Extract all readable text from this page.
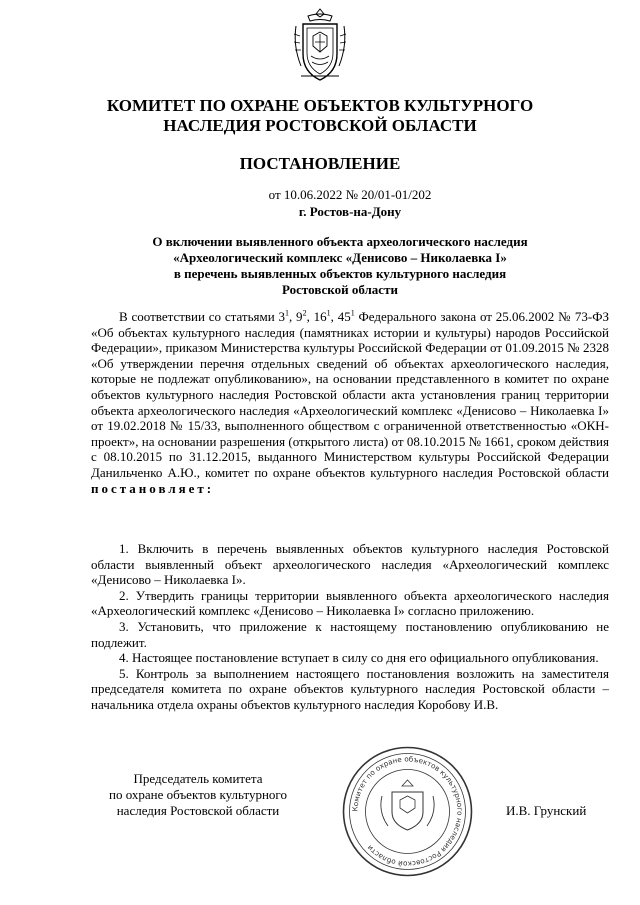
КОМИТЕТ ПО ОХРАНЕ ОБЪЕКТОВ КУЛЬТУРНОГО
НАСЛЕДИЯ РОСТОВСКОЙ ОБЛАСТИ
ПОСТАНОВЛЕНИЕ
от 10.06.2022 № 20/01-01/202
г. Ростов-на-Дону
О включении выявленного объекта археологического наследия
«Археологический комплекс «Денисово – Николаевка I»
в перечень выявленных объектов культурного наследия
Ростовской области
В соответствии со статьями $3^1$, $9^2$, $16^1$, $45^1$ Федерального закона от 25.06.2002 № 73-ФЗ «Об объектах культурного наследия (памятниках истории и культуры) народов Российской Федерации», приказом Министерства культуры Российской Федерации от 01.09.2015 № 2328 «Об утверждении перечня отдельных сведений об объектах археологического наследия, которые не подлежат опубликованию», на основании представленного в комитет по охране объектов культурного наследия Ростовской области акта установления границ территории объекта археологического наследия «Археологический комплекс «Денисово – Николаевка I» от 19.02.2018 № 15/33, выполненного обществом с ограниченной ответственностью «ОКН-проект», на основании разрешения (открытого листа) от 08.10.2015 № 1661, сроком действия с 08.10.2015 по 31.12.2015, выданного Министерством культуры Российской Федерации Данильченко А.Ю., комитет по охране объектов культурного наследия Ростовской области постановляет:

1. Включить в перечень выявленных объектов культурного наследия Ростовской области выявленный объект археологического наследия «Археологический комплекс «Денисово – Николаевка I».

2. Утвердить границы территории выявленного объекта археологического наследия «Археологический комплекс «Денисово – Николаевка I» согласно приложению.

3. Установить, что приложение к настоящему постановлению опубликованию не подлежит.

4. Настоящее постановление вступает в силу со дня его официального опубликования.

5. Контроль за выполнением настоящего постановления возложить на заместителя председателя комитета по охране объектов культурного наследия Ростовской области – начальника отдела охраны объектов культурного наследия Коробову И.В.

Председатель комитета
по охране объектов культурного
наследия Ростовской области	Комитет по охране объектов культурного наследия Ростовской области
И.В. Грунский
